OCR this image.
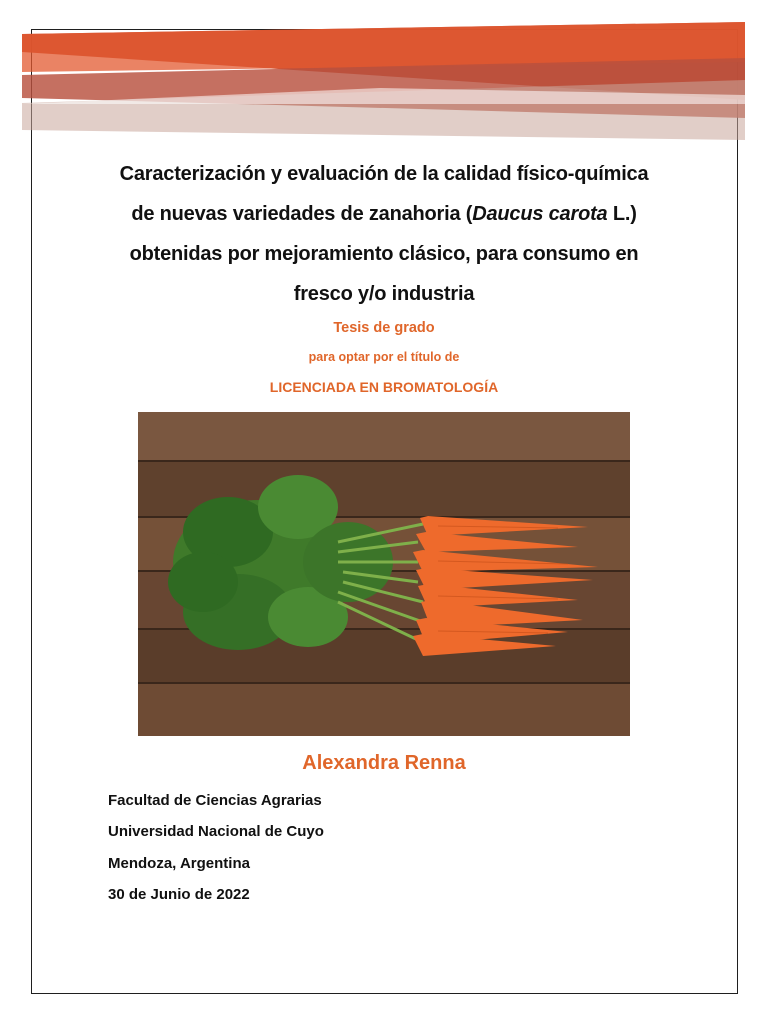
Caracterización y evaluación de la calidad físico-química
de nuevas variedades de zanahoria (Daucus carota L.)
obtenidas por mejoramiento clásico, para consumo en
fresco y/o industria
Tesis de grado
para optar por el título de
LICENCIADA EN BROMATOLOGÍA
Alexandra Renna
Facultad de Ciencias Agrarias
Universidad Nacional de Cuyo
Mendoza, Argentina
30 de Junio de 2022
